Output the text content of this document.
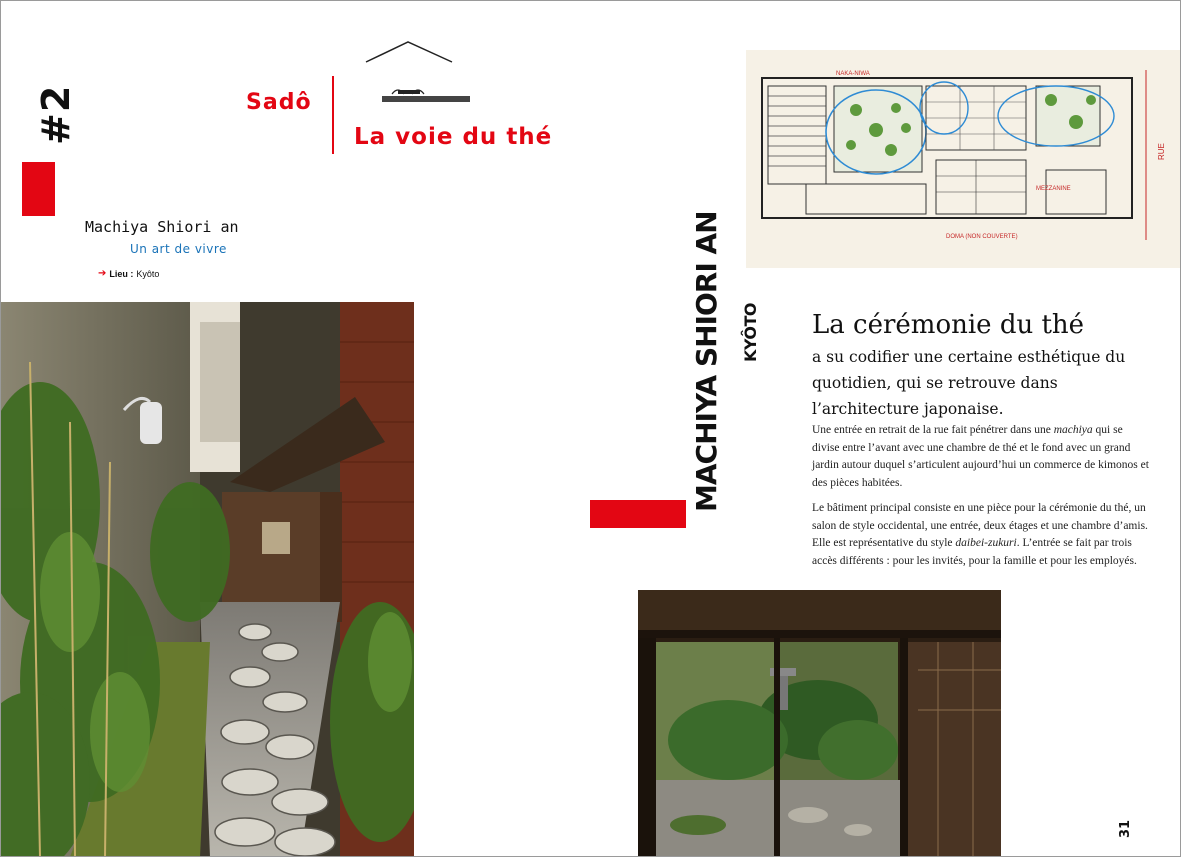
#2	Sadô
La voie du thé
Machiya Shiori an
Un art de vivre
➔ Lieu : Kyôto
NAKA-NIWA
MEZZANINE
DOMA (NON COUVERTE)
RUE
MACHIYA SHIORI AN KYÔTO La cérémonie du thé
a su codifier une certaine esthétique du quotidien, qui se retrouve dans l’architecture japonaise.

Une entrée en retrait de la rue fait pénétrer dans une machiya qui se divise entre l’avant avec une chambre de thé et le fond avec un grand jardin autour duquel s’articulent aujourd’hui un commerce de kimonos et des pièces habitées.

Le bâtiment principal consiste en une pièce pour la cérémonie du thé, un salon de style occidental, une entrée, deux étages et une chambre d’amis. Elle est représentative du style daibei-zukuri. L’entrée se fait par trois accès différents : pour les invités, pour la famille et pour les employés.

31
